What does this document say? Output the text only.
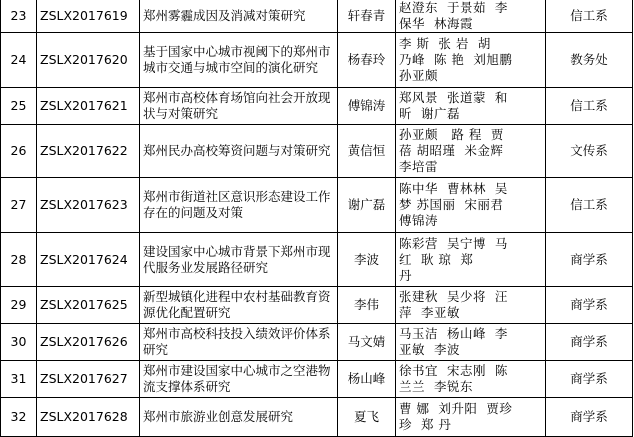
23	ZSLX2017619	郑州雾霾成因及消减对策研究	轩春青	赵澄东  于景茹  李
保华  林海霞	信工系
24	ZSLX2017620	基于国家中心城市视阈下的郑州市城市交通与城市空间的演化研究	杨春玲	李 斯  张 岩  胡
乃峰  陈 艳  刘旭鹏
孙亚颇	教务处
25	ZSLX2017621	郑州市高校体育场馆向社会开放现状与对策研究	傅锦涛	郑风景  张道蒙  和
昕  谢广磊	信工系
26	ZSLX2017622	郑州民办高校筹资问题与对策研究	黄信恒	孙亚颇   路 程  贾
蓓 胡昭瑾  米金辉
李培雷	文传系
27	ZSLX2017623	郑州市街道社区意识形态建设工作存在的问题及对策	谢广磊	陈中华  曹林林  吴
梦 苏国丽  宋丽君
傅锦涛	信工系
28	ZSLX2017624	建设国家中心城市背景下郑州市现代服务业发展路径研究	李波	陈彩营  吴宁博  马
红  耿 琼  郑
丹	商学系
29	ZSLX2017625	新型城镇化进程中农村基础教育资源优化配置研究	李伟	张建秋  吴少将  汪
萍  李亚敏	商学系
30	ZSLX2017626	郑州市高校科技投入绩效评价体系研究	马文婧	马玉洁  杨山峰  李
亚敏  李波	商学系
31	ZSLX2017627	郑州市建设国家中心城市之空港物流支撑体系研究	杨山峰	徐书宜  宋志刚  陈
兰兰  李锐东	商学系
32	ZSLX2017628	郑州市旅游业创意发展研究	夏飞	曹 娜  刘升阳  贾珍
珍  郑 丹	商学系
